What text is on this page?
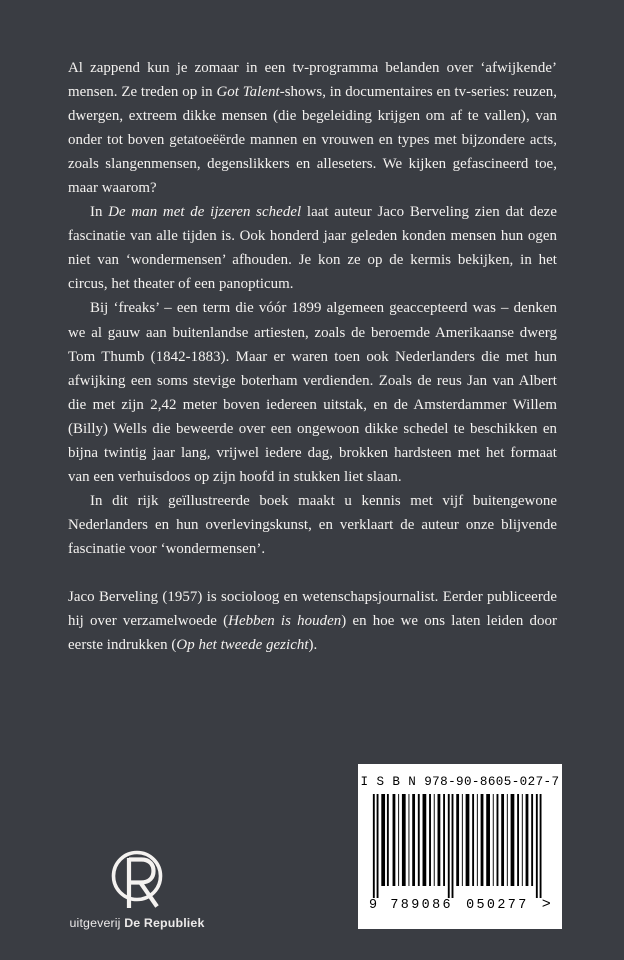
Al zappend kun je zomaar in een tv-programma belanden over ‘afwijkende’ mensen. Ze treden op in Got Talent-shows, in documentaires en tv-series: reuzen, dwergen, extreem dikke mensen (die begeleiding krijgen om af te vallen), van onder tot boven getatoeëërde mannen en vrouwen en types met bijzondere acts, zoals slangenmensen, degenslikkers en alleseters. We kijken gefascineerd toe, maar waarom?

In De man met de ijzeren schedel laat auteur Jaco Berveling zien dat deze fascinatie van alle tijden is. Ook honderd jaar geleden konden mensen hun ogen niet van ‘wondermensen’ afhouden. Je kon ze op de kermis bekijken, in het circus, het theater of een panopticum.

Bij ‘freaks’ – een term die vóór 1899 algemeen geaccepteerd was – denken we al gauw aan buitenlandse artiesten, zoals de beroemde Amerikaanse dwerg Tom Thumb (1842-1883). Maar er waren toen ook Nederlanders die met hun afwijking een soms stevige boterham verdienden. Zoals de reus Jan van Albert die met zijn 2,42 meter boven iedereen uitstak, en de Amsterdammer Willem (Billy) Wells die beweerde over een ongewoon dikke schedel te beschikken en bijna twintig jaar lang, vrijwel iedere dag, brokken hardsteen met het formaat van een verhuisdoos op zijn hoofd in stukken liet slaan.

In dit rijk geïllustreerde boek maakt u kennis met vijf buitengewone Nederlanders en hun overlevingskunst, en verklaart de auteur onze blijvende fascinatie voor ‘wondermensen’.

Jaco Berveling (1957) is socioloog en wetenschapsjournalist. Eerder publiceerde hij over verzamelwoede (Hebben is houden) en hoe we ons laten leiden door eerste indrukken (Op het tweede gezicht).

uitgeverij De Republiek
I S B N 978-90-8605-027-7
9 789086 050277 >
